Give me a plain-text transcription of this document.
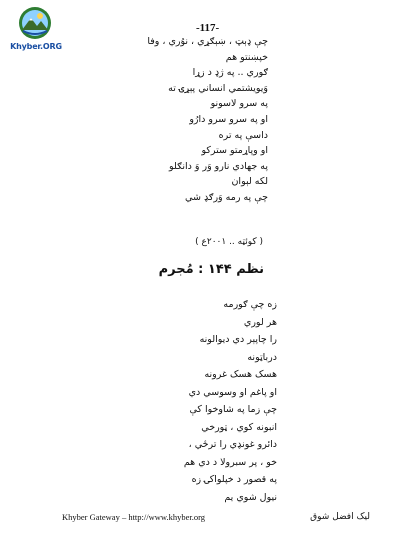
Khyber.ORG
-117-
چې ډېټ ، ښېګړي ، نوُري ، وفا
خپښنتو هم
ګوري .. په ژډ د زړا
وَيويشتمي انساني پېړۍ ته
په سرو لاسونو
او په سرو سرو دارُو
داسې په تره
او وپاړمتو ستركو
په جهادي نارو وَر وَ دانګلو
لکه لېوان
چې په رمه وَرګډ شي
( کوئټه .. ۲۰۰۱ع )
نظم ۱۴۴ : مُجرم
زه چې ګورمه
هر لوري
را چاپېر دي ديوالونه
درباټونه
هسک هسک غرونه
او پاغم او وسوسي دي
چې زما په شاوخوا کې
انبونه کوي ، ټورخي
دائرو غونډي را ترځي ،
خو ، پر سبرولا د دي هم
په قصور د خپلواکۍ زه
نيول شوي يم
Khyber Gateway – http://www.khyber.org	ليک افضل شوق
